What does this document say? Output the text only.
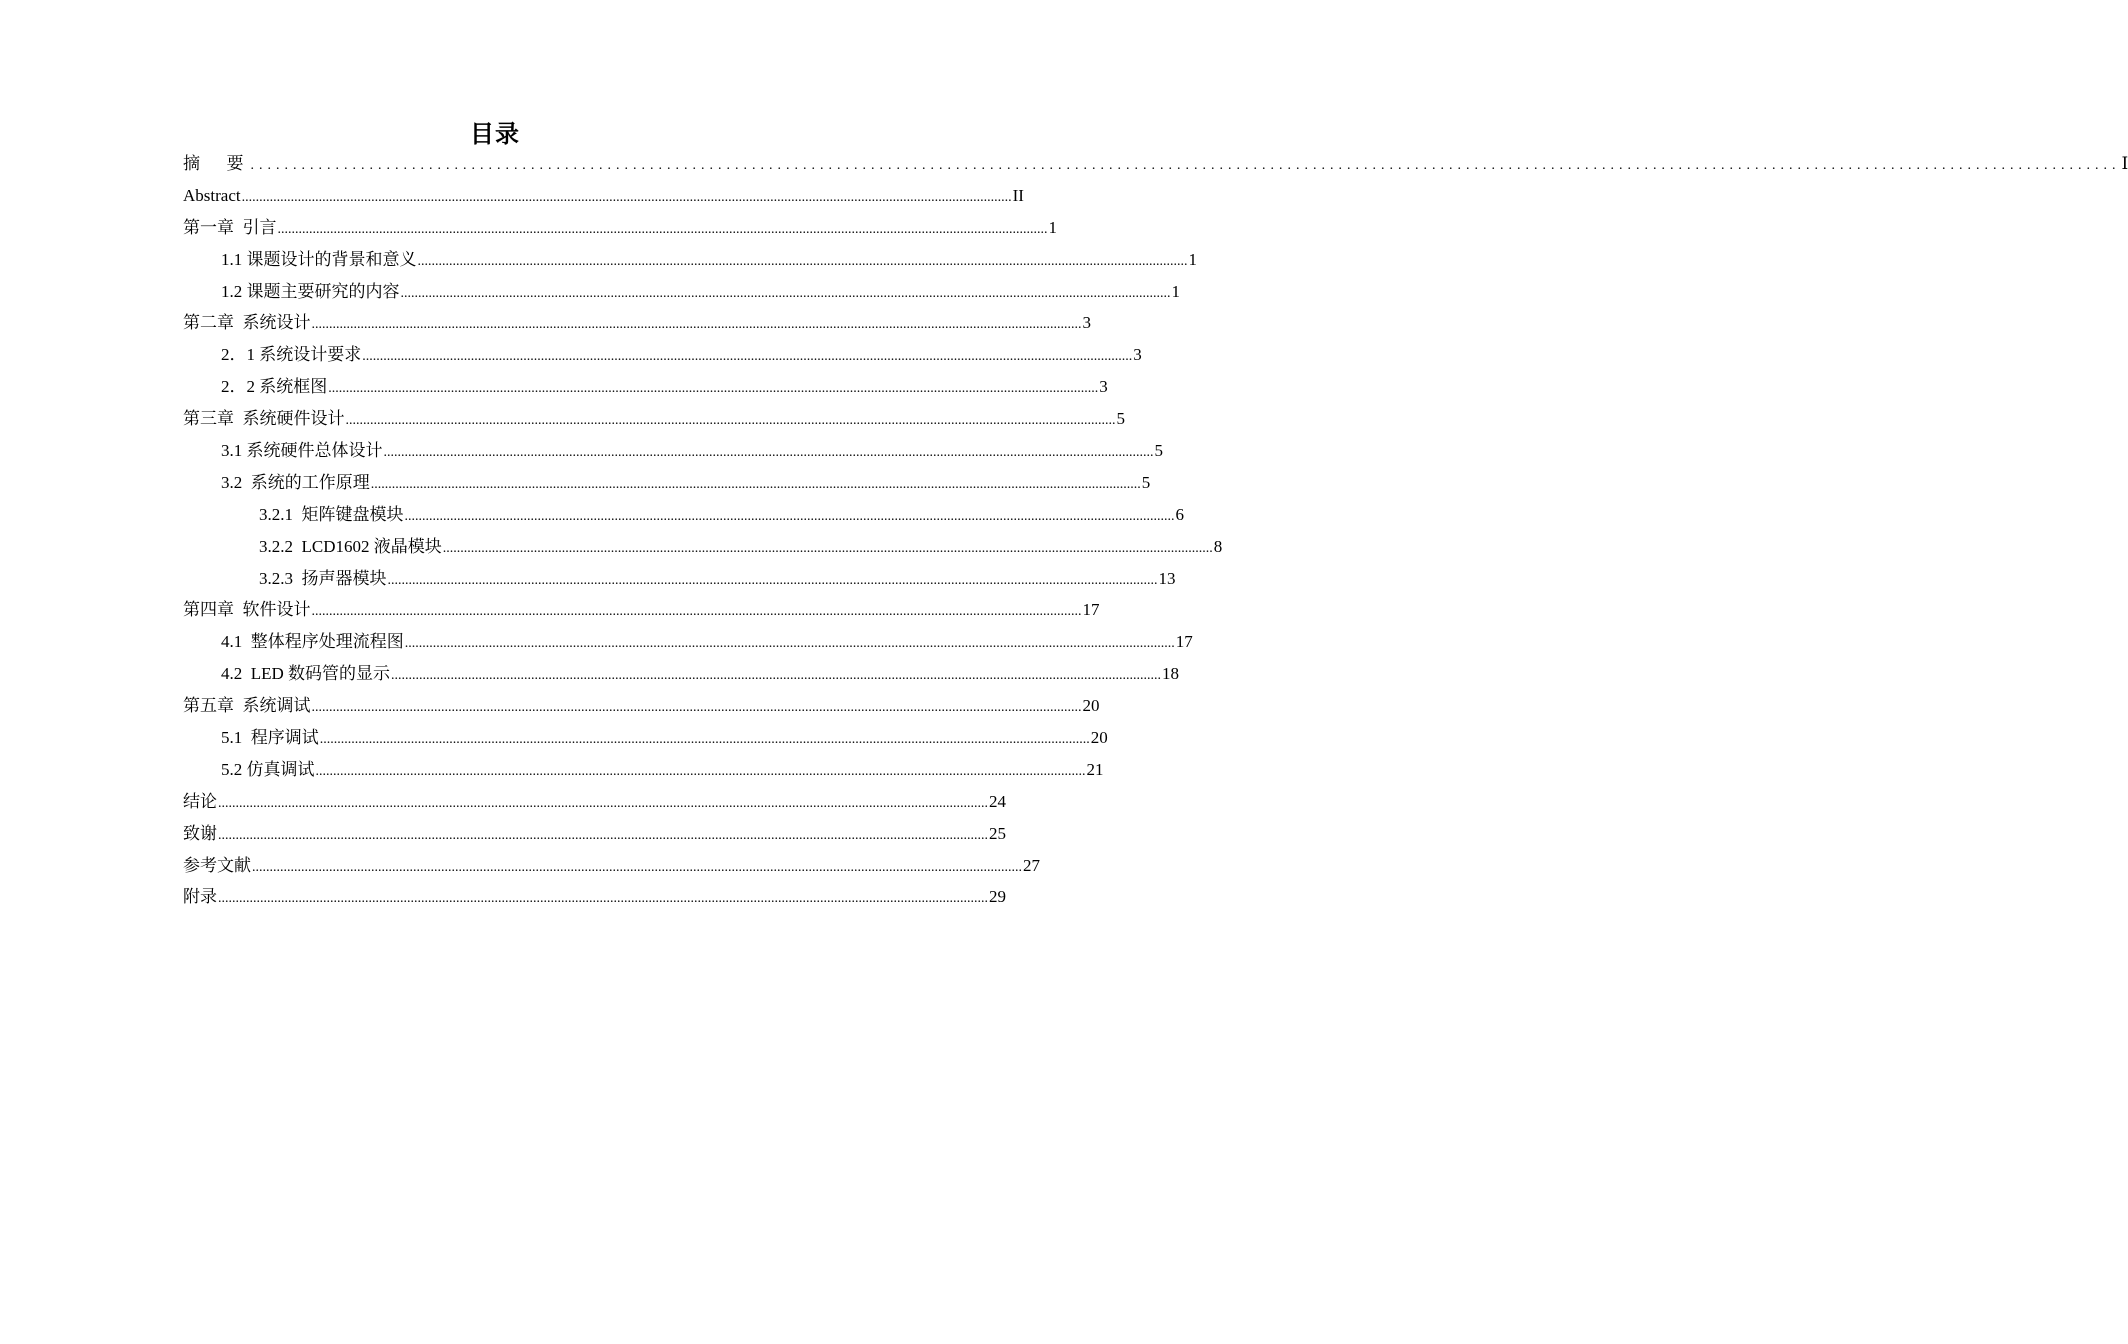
目录
摘  要 ............................................................................................................................................................................................................................ Ⅰ
Abstract ............................................................................................................................................................................................................................ II
第一章  引言 ............................................................................................................................................................................................................................ 1
1.1 课题设计的背景和意义 ............................................................................................................................................................................................................................ 1
1.2 课题主要研究的内容 ............................................................................................................................................................................................................................ 1
第二章  系统设计 ............................................................................................................................................................................................................................ 3
2．1 系统设计要求 ............................................................................................................................................................................................................................ 3
2．2 系统框图 ............................................................................................................................................................................................................................ 3
第三章  系统硬件设计 ............................................................................................................................................................................................................................ 5
3.1 系统硬件总体设计 ............................................................................................................................................................................................................................ 5
3.2  系统的工作原理 ............................................................................................................................................................................................................................ 5
3.2.1  矩阵键盘模块 ............................................................................................................................................................................................................................ 6
3.2.2  LCD1602 液晶模块 ............................................................................................................................................................................................................................ 8
3.2.3  扬声器模块 ............................................................................................................................................................................................................................ 13
第四章  软件设计 ............................................................................................................................................................................................................................ 17
4.1  整体程序处理流程图 ............................................................................................................................................................................................................................ 17
4.2  LED 数码管的显示 ............................................................................................................................................................................................................................ 18
第五章  系统调试 ............................................................................................................................................................................................................................ 20
5.1  程序调试 ............................................................................................................................................................................................................................ 20
5.2 仿真调试 ............................................................................................................................................................................................................................ 21
结论 ............................................................................................................................................................................................................................ 24
致谢 ............................................................................................................................................................................................................................ 25
参考文献 ............................................................................................................................................................................................................................ 27
附录 ............................................................................................................................................................................................................................ 29
